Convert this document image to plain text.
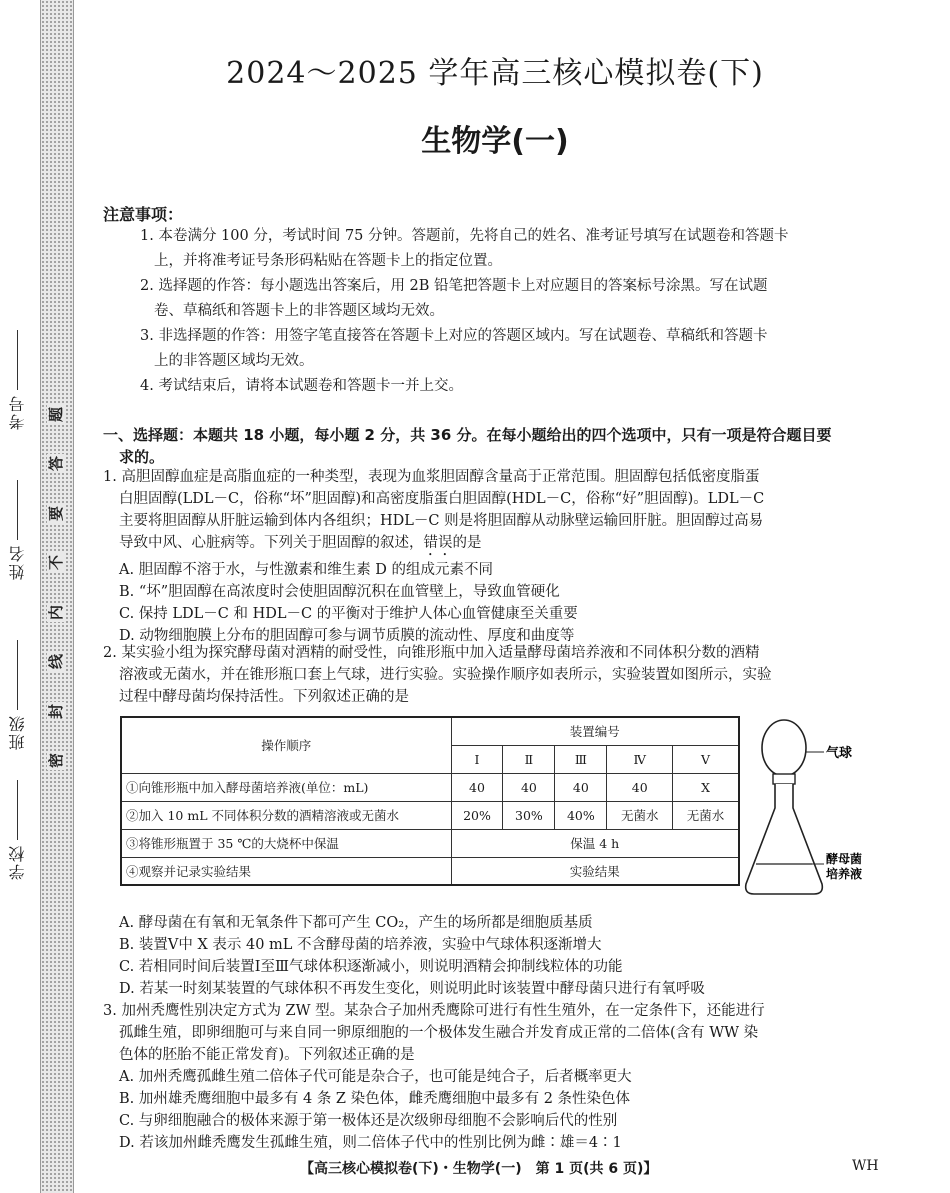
题
答
要
不
内
线
封
密
考号
姓名
班级
学校
2024～2025 学年高三核心模拟卷(下)
生物学(一)
注意事项：

1. 本卷满分 100 分，考试时间 75 分钟。答题前，先将自己的姓名、准考证号填写在试题卷和答题卡
上，并将准考证号条形码粘贴在答题卡上的指定位置。

2. 选择题的作答：每小题选出答案后，用 2B 铅笔把答题卡上对应题目的答案标号涂黑。写在试题
卷、草稿纸和答题卡上的非答题区域均无效。

3. 非选择题的作答：用签字笔直接答在答题卡上对应的答题区域内。写在试题卷、草稿纸和答题卡
上的非答题区域均无效。

4. 考试结束后，请将本试题卷和答题卡一并上交。

一、选择题：本题共 18 小题，每小题 2 分，共 36 分。在每小题给出的四个选项中，只有一项是符合题目要
求的。
1. 高胆固醇血症是高脂血症的一种类型，表现为血浆胆固醇含量高于正常范围。胆固醇包括低密度脂蛋
白胆固醇(LDL－C，俗称“坏”胆固醇)和高密度脂蛋白胆固醇(HDL－C，俗称“好”胆固醇)。LDL－C
主要将胆固醇从肝脏运输到体内各组织；HDL－C 则是将胆固醇从动脉壁运输回肝脏。胆固醇过高易
导致中风、心脏病等。下列关于胆固醇的叙述，错误的是
A. 胆固醇不溶于水，与性激素和维生素 D 的组成元素不同
B. “坏”胆固醇在高浓度时会使胆固醇沉积在血管壁上，导致血管硬化
C. 保持 LDL－C 和 HDL－C 的平衡对于维护人体心血管健康至关重要
D. 动物细胞膜上分布的胆固醇可参与调节质膜的流动性、厚度和曲度等
2. 某实验小组为探究酵母菌对酒精的耐受性，向锥形瓶中加入适量酵母菌培养液和不同体积分数的酒精
溶液或无菌水，并在锥形瓶口套上气球，进行实验。实验操作顺序如表所示，实验装置如图所示，实验
过程中酵母菌均保持活性。下列叙述正确的是
操作顺序	装置编号				
	Ⅰ	Ⅱ	Ⅲ	Ⅳ	Ⅴ
①向锥形瓶中加入酵母菌培养液(单位：mL)	40	40	40	40	X
②加入 10 mL 不同体积分数的酒精溶液或无菌水	20%	30%	40%	无菌水	无菌水
③将锥形瓶置于 35 ℃的大烧杯中保温	保温 4 h				
④观察并记录实验结果	实验结果				
气球
酵母菌
培养液
A. 酵母菌在有氧和无氧条件下都可产生 CO₂，产生的场所都是细胞质基质
B. 装置Ⅴ中 X 表示 40 mL 不含酵母菌的培养液，实验中气球体积逐渐增大
C. 若相同时间后装置Ⅰ至Ⅲ气球体积逐渐减小，则说明酒精会抑制线粒体的功能
D. 若某一时刻某装置的气球体积不再发生变化，则说明此时该装置中酵母菌只进行有氧呼吸
3. 加州秃鹰性别决定方式为 ZW 型。某杂合子加州秃鹰除可进行有性生殖外，在一定条件下，还能进行
孤雌生殖，即卵细胞可与来自同一卵原细胞的一个极体发生融合并发育成正常的二倍体(含有 WW 染
色体的胚胎不能正常发育)。下列叙述正确的是
A. 加州秃鹰孤雌生殖二倍体子代可能是杂合子，也可能是纯合子，后者概率更大
B. 加州雄秃鹰细胞中最多有 4 条 Z 染色体，雌秃鹰细胞中最多有 2 条性染色体
C. 与卵细胞融合的极体来源于第一极体还是次级卵母细胞不会影响后代的性别
D. 若该加州雌秃鹰发生孤雌生殖，则二倍体子代中的性别比例为雌∶雄＝4∶1
【高三核心模拟卷(下)・生物学(一)　第 1 页(共 6 页)】	WH
